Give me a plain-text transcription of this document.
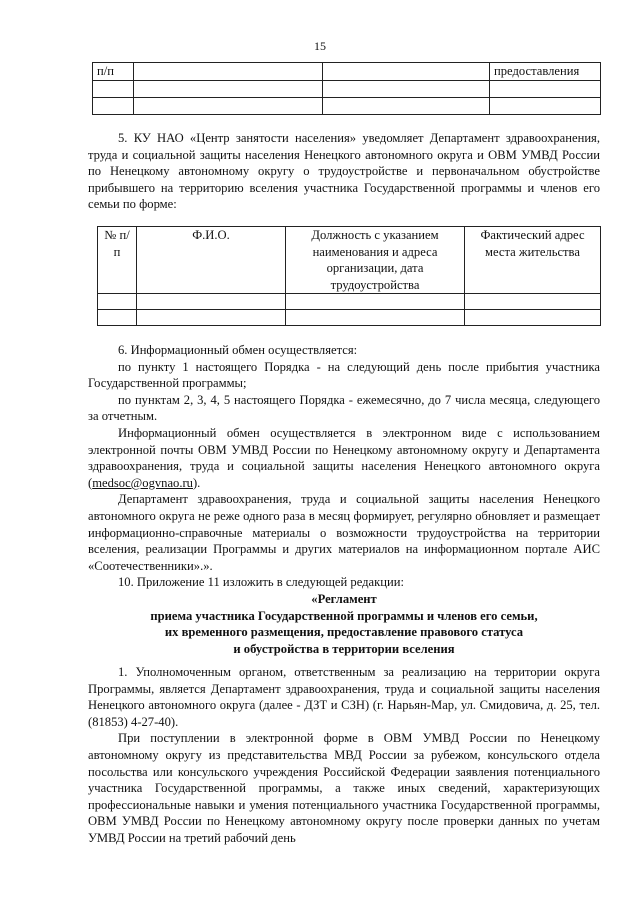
15
п/п			предоставления

5. КУ НАО «Центр занятости населения» уведомляет Департамент здравоохранения, труда и социальной защиты населения Ненецкого автономного округа и ОВМ УМВД России по Ненецкому автономному округу о трудоустройстве и первоначальном обустройстве прибывшего на территорию вселения участника Государственной программы и членов его семьи по форме:

№ п/п	Ф.И.О.	Должность с указанием наименования и адреса организации, дата трудоустройства	Фактический адрес места жительства

6. Информационный обмен осуществляется:

по пункту 1 настоящего Порядка - на следующий день после прибытия участника Государственной программы;

по пунктам 2, 3, 4, 5 настоящего Порядка - ежемесячно, до 7 числа месяца, следующего за отчетным.

Информационный обмен осуществляется в электронном виде с использованием электронной почты ОВМ УМВД России по Ненецкому автономному округу и Департамента здравоохранения, труда и социальной защиты населения Ненецкого автономного округа (medsoc@ogvnao.ru).

Департамент здравоохранения, труда и социальной защиты населения Ненецкого автономного округа не реже одного раза в месяц формирует, регулярно обновляет и размещает информационно-справочные материалы о возможности трудоустройства на территории вселения, реализации Программы и других материалов на информационном портале АИС «Соотечественники».».

10. Приложение 11 изложить в следующей редакции:

«Регламент

приема участника Государственной программы и членов его семьи,

их временного размещения, предоставление правового статуса

и обустройства в территории вселения

1. Уполномоченным органом, ответственным за реализацию на территории округа Программы, является Департамент здравоохранения, труда и социальной защиты населения Ненецкого автономного округа (далее - ДЗТ и СЗН) (г. Нарьян-Мар, ул. Смидовича, д. 25, тел. (81853) 4-27-40).

При поступлении в электронной форме в ОВМ УМВД России по Ненецкому автономному округу из представительства МВД России за рубежом, консульского отдела посольства или консульского учреждения Российской Федерации заявления потенциального участника Государственной программы, а также иных сведений, характеризующих профессиональные навыки и умения потенциального участника Государственной программы, ОВМ УМВД России по Ненецкому автономному округу после проверки данных по учетам УМВД России на третий рабочий день
